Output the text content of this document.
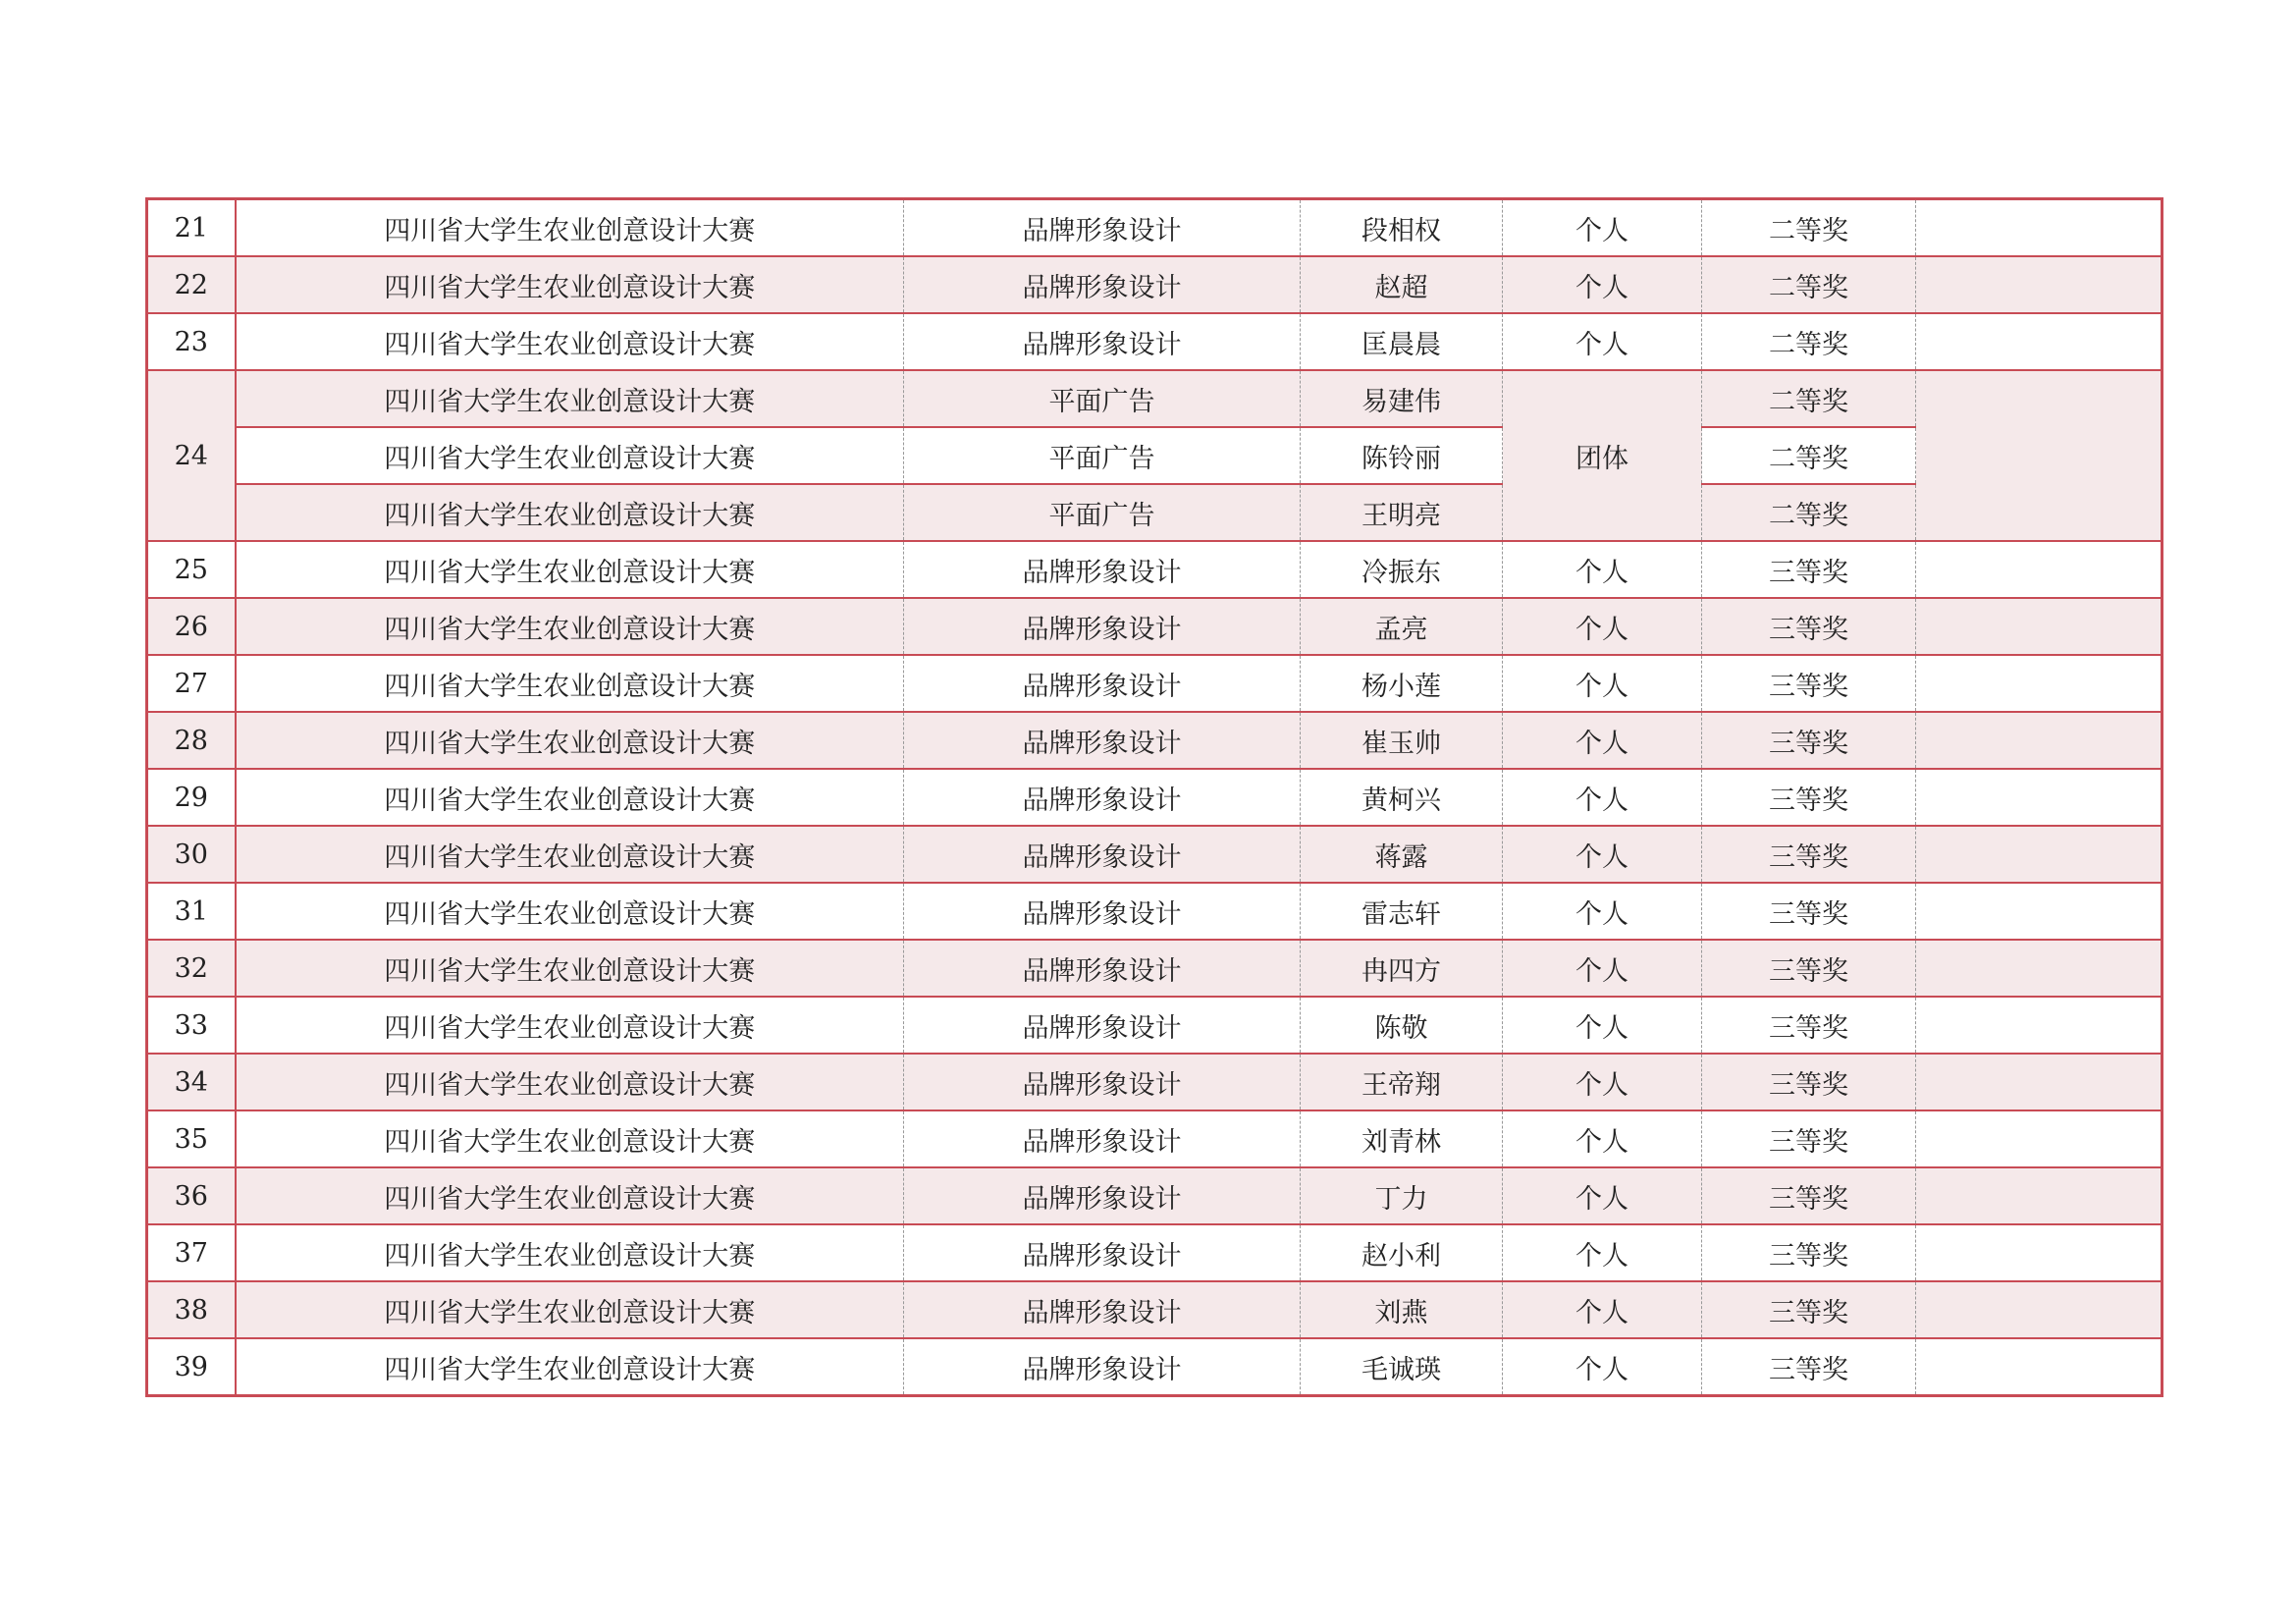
21	四川省大学生农业创意设计大赛	品牌形象设计	段相权	个人	二等奖	
22	四川省大学生农业创意设计大赛	品牌形象设计	赵超	个人	二等奖	
23	四川省大学生农业创意设计大赛	品牌形象设计	匡晨晨	个人	二等奖	
24	四川省大学生农业创意设计大赛	平面广告	易建伟	团体	二等奖	
	四川省大学生农业创意设计大赛	平面广告	陈铃丽		二等奖	
	四川省大学生农业创意设计大赛	平面广告	王明亮		二等奖	
25	四川省大学生农业创意设计大赛	品牌形象设计	冷振东	个人	三等奖	
26	四川省大学生农业创意设计大赛	品牌形象设计	孟亮	个人	三等奖	
27	四川省大学生农业创意设计大赛	品牌形象设计	杨小莲	个人	三等奖	
28	四川省大学生农业创意设计大赛	品牌形象设计	崔玉帅	个人	三等奖	
29	四川省大学生农业创意设计大赛	品牌形象设计	黄柯兴	个人	三等奖	
30	四川省大学生农业创意设计大赛	品牌形象设计	蒋露	个人	三等奖	
31	四川省大学生农业创意设计大赛	品牌形象设计	雷志轩	个人	三等奖	
32	四川省大学生农业创意设计大赛	品牌形象设计	冉四方	个人	三等奖	
33	四川省大学生农业创意设计大赛	品牌形象设计	陈敬	个人	三等奖	
34	四川省大学生农业创意设计大赛	品牌形象设计	王帝翔	个人	三等奖	
35	四川省大学生农业创意设计大赛	品牌形象设计	刘青林	个人	三等奖	
36	四川省大学生农业创意设计大赛	品牌形象设计	丁力	个人	三等奖	
37	四川省大学生农业创意设计大赛	品牌形象设计	赵小利	个人	三等奖	
38	四川省大学生农业创意设计大赛	品牌形象设计	刘燕	个人	三等奖	
39	四川省大学生农业创意设计大赛	品牌形象设计	毛诚瑛	个人	三等奖	
